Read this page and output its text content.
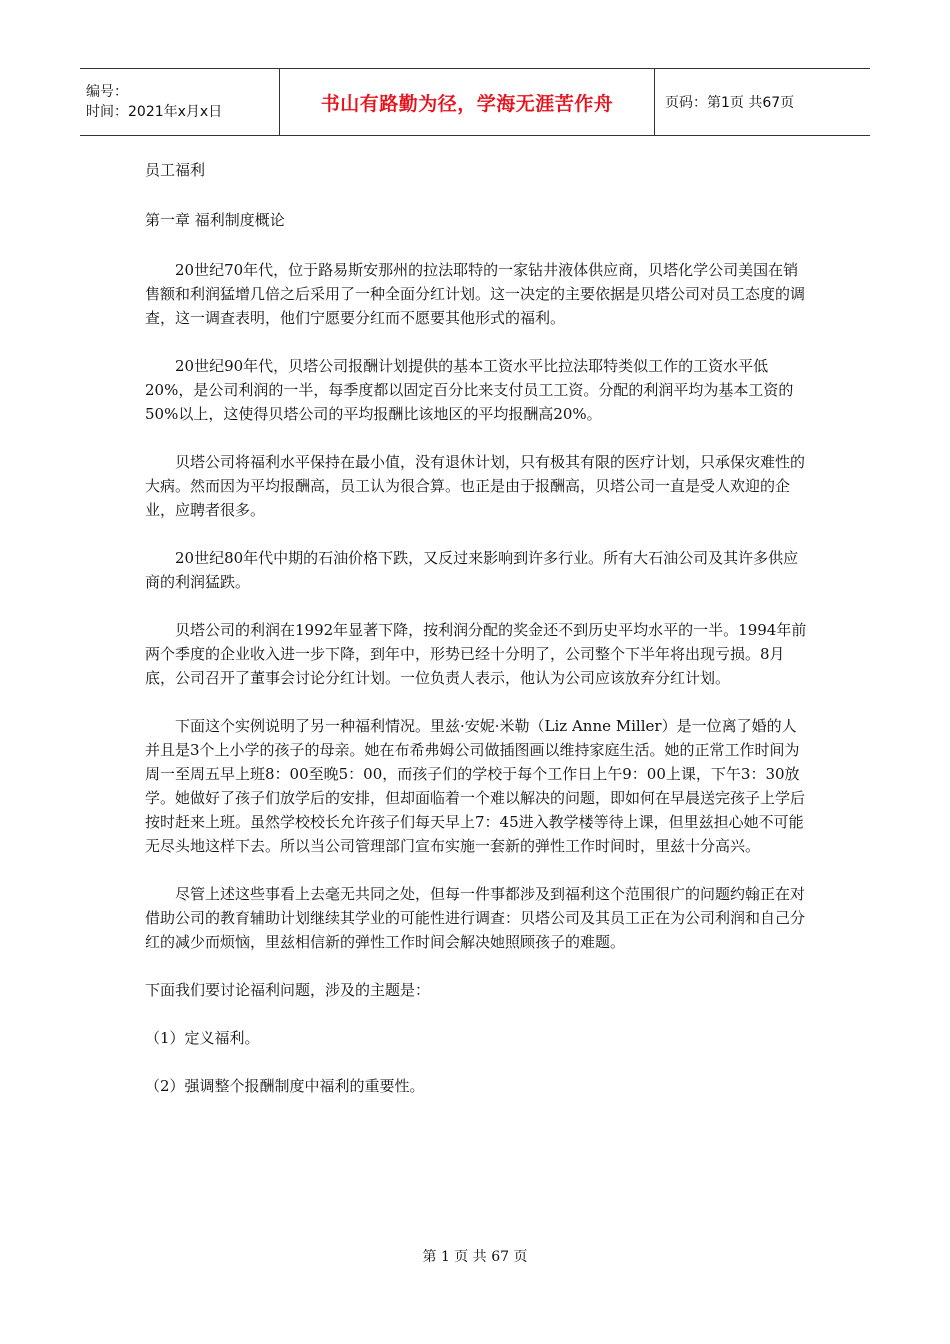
编号：
时间：2021年x月x日	书山有路勤为径，学海无涯苦作舟	页码：第1页 共67页

员工福利

第一章 福利制度概论

20世纪70年代，位于路易斯安那州的拉法耶特的一家钻井液体供应商，贝塔化学公司美国在销售额和利润猛增几倍之后采用了一种全面分红计划。这一决定的主要依据是贝塔公司对员工态度的调查，这一调查表明，他们宁愿要分红而不愿要其他形式的福利。

20世纪90年代，贝塔公司报酬计划提供的基本工资水平比拉法耶特类似工作的工资水平低20%，是公司利润的一半，每季度都以固定百分比来支付员工工资。分配的利润平均为基本工资的50%以上，这使得贝塔公司的平均报酬比该地区的平均报酬高20%。

贝塔公司将福利水平保持在最小值，没有退休计划，只有极其有限的医疗计划，只承保灾难性的大病。然而因为平均报酬高，员工认为很合算。也正是由于报酬高，贝塔公司一直是受人欢迎的企业，应聘者很多。

20世纪80年代中期的石油价格下跌，又反过来影响到许多行业。所有大石油公司及其许多供应商的利润猛跌。

贝塔公司的利润在1992年显著下降，按利润分配的奖金还不到历史平均水平的一半。1994年前两个季度的企业收入进一步下降，到年中，形势已经十分明了，公司整个下半年将出现亏损。8月底，公司召开了董事会讨论分红计划。一位负责人表示，他认为公司应该放弃分红计划。

下面这个实例说明了另一种福利情况。里兹·安妮·米勒（Liz Anne Miller）是一位离了婚的人并且是3个上小学的孩子的母亲。她在布希弗姆公司做插图画以维持家庭生活。她的正常工作时间为周一至周五早上班8：00至晚5：00，而孩子们的学校于每个工作日上午9：00上课，下午3：30放学。她做好了孩子们放学后的安排，但却面临着一个难以解决的问题，即如何在早晨送完孩子上学后按时赶来上班。虽然学校校长允许孩子们每天早上7：45进入教学楼等待上课，但里兹担心她不可能无尽头地这样下去。所以当公司管理部门宣布实施一套新的弹性工作时间时，里兹十分高兴。

尽管上述这些事看上去毫无共同之处，但每一件事都涉及到福利这个范围很广的问题约翰正在对借助公司的教育辅助计划继续其学业的可能性进行调查：贝塔公司及其员工正在为公司利润和自己分红的减少而烦恼，里兹相信新的弹性工作时间会解决她照顾孩子的难题。

下面我们要讨论福利问题，涉及的主题是：

（1）定义福利。

（2）强调整个报酬制度中福利的重要性。

第 1 页 共 67 页
